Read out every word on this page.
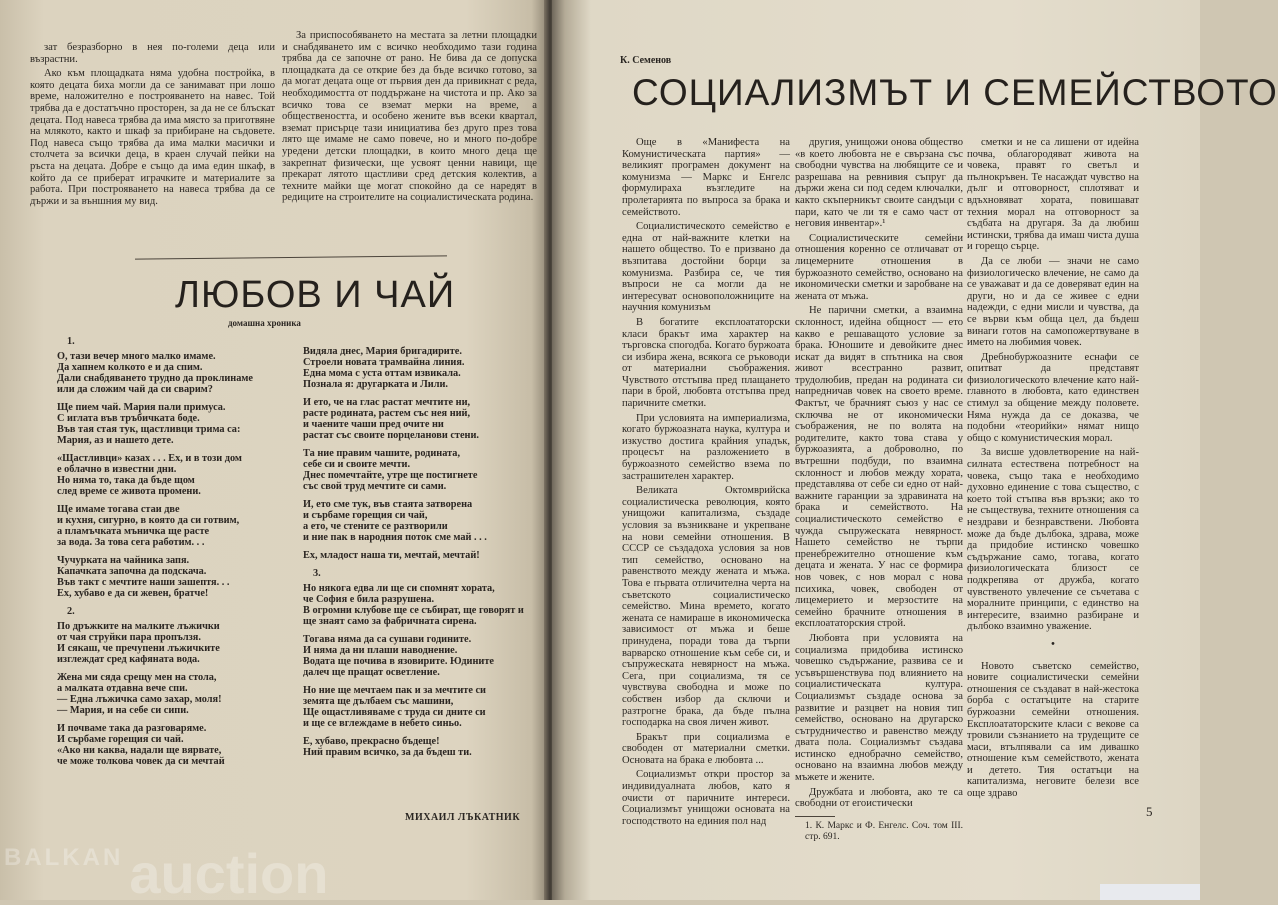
зат безразборно в нея по-големи деца или възрастни.

Ако към площадката няма удобна постройка, в която децата биха могли да се занимават при лошо време, наложително е построяването на навес. Той трябва да е достатъчно просторен, за да не се блъскат децата. Под навеса трябва да има място за приготвяне на млякото, както и шкаф за прибиране на съдовете. Под навеса също трябва да има малки масички и столчета за всички деца, в краен случай пейки на ръста на децата. Добре е също да има един шкаф, в който да се приберат играчките и материалите за работа. При построяването на навеса трябва да се държи и за външния му вид.

За приспособяването на местата за летни площадки и снабдяването им с всичко необходимо тази година трябва да се започне от рано. Не бива да се допуска площадката да се открие без да бъде всичко готово, за да могат децата още от първия ден да привикнат с реда, необходимостта от поддържане на чистота и пр. Ако за всичко това се вземат мерки на време, а обществеността, и особено жените във всеки квартал, вземат присърце тази инициатива без друго през това лято ще имаме не само повече, но и много по-добре уредени детски площадки, в които много деца ще закрепнат физически, ще усвоят ценни навици, ще прекарат лятото щастливи сред детския колектив, а техните майки ще могат спокойно да се наредят в редиците на строителите на социалистическата родина.

ЛЮБОВ И ЧАЙ
домашна хроника
1.
О, тази вечер много малко имаме.
Да хапнем колкото е и да спим.
Дали снабдяването трудно да проклинаме
или да сложим чай да си сварим?
Ще пием чай. Мария пали примуса.
С иглата във тръбичката боде.
Във тая стая тук, щастливци трима са:
Мария, аз и нашето дете.
«Щастливци» казах . . . Ех, и в този дом
е облачно в известни дни.
Но няма то, така да бъде щом
след време се живота промени.
Ще имаме тогава стаи две
и кухня, сигурно, в която да си готвим,
а пламъчката мъничка ще расте
за вода. За това сега работим. . .
Чучурката на чайника запя.
Капачката започна да подскача.
Във такт с мечтите наши зашептя. . .
Ех, хубаво е да си жевен, братче!
2.
По дръжките на малките лъжички
от чая струйки пара пропълзя.
И сякаш, че пречупени лъжичките
изглеждат сред кафяната вода.
Жена ми сяда срещу мен на стола,
а малката отдавна вече спи.
— Една лъжичка само захар, моля!
— Мария, и на себе си сипи.
И почваме така да разговаряме.
И сърбаме горещия си чай.
«Ако ни каква, надали ще вярвате,
че може толкова човек да си мечтай
Видяла днес, Мария бригадирите.
Строели новата трамвайна линия.
Една мома с уста оттам извикала.
Познала я: другарката и Лили.
И ето, че на глас растат мечтите ни,
расте родината, растем със нея ний,
и чаените чаши пред очите ни
растат със своите порцеланови стени.
Та ние правим чашите, родината,
себе си и своите мечти.
Днес помечтайте, утре ще постигнете
със свой труд мечтите си сами.
И, ето сме тук, във стаята затворена
и сърбаме горещия си чай,
а ето, че стените се разтворили
и ние пак в народния поток сме май . . .
Ех, младост наша ти, мечтай, мечтай!
3.
Но някога едва ли ще си спомнят хората,
че София е била разрушена.
В огромни клубове ще се събират, ще говорят и
ще знаят само за фабричната сирена.
Тогава няма да са сушави годините.
И няма да ни плаши наводнение.
Водата ще почива в язовирите. Юдините
далеч ще пращат осветление.
Но ние ще мечтаем пак и за мечтите си
земята ще дълбаем със машини,
Ще ощастливяваме с труда си дните си
и ще се вглеждаме в небето синьо.
Е, хубаво, прекрасно бъдеще!
Ний правим всичко, за да бъдеш ти.
МИХАИЛ ЛЪКАТНИК
BALKAN auction
К. Семенов
СОЦИАЛИЗМЪТ И СЕМЕЙСТВОТО

Още в «Манифеста на Комунистическата партия» — великият програмен документ на комунизма — Маркс и Енгелс формулираха възгледите на пролетарията по въпроса за брака и семейството.

Социалистическото семейство е една от най-важните клетки на нашето общество. То е призвано да възпитава достойни борци за комунизма. Разбира се, че тия въпроси не са могли да не интересуват основоположниците на научния комунизъм

В богатите експлоататорски класи бракът има характер на търговска спогодба. Когато буржоата си избира жена, всякога се ръководи от материални съображения. Чувството отстъпва пред плащането пари в брой, любовта отстъпва пред паричните сметки.

При условията на империализма, когато буржоазната наука, култура и изкуство достига крайния упадък, процесът на разложението в буржоазното семейство взема по застрашителен характер.

Великата Октомврийска социалистическа революция, която унищожи капитализма, създаде условия за възникване и укрепване на нови семейни отношения. В СССР се създадоха условия за нов тип семейство, основано на равенството между жената и мъжа. Това е първата отличителна черта на съветското социалистическо семейство. Мина времето, когато жената се намираше в икономическа зависимост от мъжа и беше принудена, поради това да търпи варварско отношение към себе си, и съпружеската невярност на мъжа. Сега, при социализма, тя се чувствува свободна и може по собствен избор да сключи и разтрогне брака, да бъде пълна господарка на своя личен живот.

Бракът при социализма е свободен от материални сметки. Основата на брака е любовта ...

Социализмът откри простор за индивидуалната любов, като я очисти от паричните интереси. Социализмът унищожи основата на господството на единия пол над

другия, унищожи онова общество «в което любовта не е свързана със свободни чувства на любящите се и разрешава на ревнивия съпруг да държи жена си под седем ключалки, както скъперникът своите сандъци с пари, като че ли тя е само част от неговия инвентар».¹

Социалистическите семейни отношения коренно се отличават от лицемерните отношения в буржоазното семейство, основано на икономически сметки и заробване на жената от мъжа.

Не парични сметки, а взаимна склонност, идейна общност — ето какво е решаващото условие за брака. Юношите и девойките днес искат да видят в спътника на своя живот всестранно развит, трудолюбив, предан на родината си напредничав човек на своето време. Фактът, че брачният съюз у нас се сключва не от икономически съображения, не по волята на родителите, както това става у буржоазията, а доброволно, по вътрешни подбуди, по взаимна склонност и любов между хората, представлява от себе си едно от най-важните гаранции за здравината на брака и семейството. На социалистическото семейство е чужда съпружеската невярност. Нашето семейство не търпи пренебрежително отношение към децата и жената. У нас се формира нов човек, с нов морал с нова психика, човек, свободен от лицемерието и мерзостите на семейно брачните отношения в експлоататорския строй.

Любовта при условията на социализма придобива истинско човешко съдържание, развива се и усъвършенствува под влиянието на социалистическата култура. Социализмът създаде основа за развитие и разцвет на новия тип семейство, основано на другарско сътрудничество и равенство между двата пола. Социализмът създава истинско еднобрачно семейство, основано на взаимна любов между мъжете и жените.

Дружбата и любовта, ако те са свободни от егоистически

1. К. Маркс и Ф. Енгелс. Соч. том III. стр. 691.

сметки и не са лишени от идейна почва, облагородяват живота на човека, правят го светъл и пълнокръвен. Те насаждат чувство на дълг и отговорност, сплотяват и вдъхновяват хората, повишават техния морал на отговорност за съдбата на другаря. За да любиш истински, трябва да имаш чиста душа и горещо сърце.

Да се люби — значи не само физиологическо влечение, не само да се уважават и да се доверяват един на други, но и да се живее с едни надежди, с едни мисли и чувства, да се върви към обща цел, да бъдеш винаги готов на самопожертвуване в името на любимия човек.

Дребнобуржоазните еснафи се опитват да представят физиологическото влечение като най-главното в любовта, като единствен стимул за общение между половете. Няма нужда да се доказва, че подобни «теорийки» нямат нищо общо с комунистическия морал.

За висше удовлетворение на най-силната естествена потребност на човека, също така е необходимо духовно единение с това същество, с което той стъпва във връзки; ако то не съществува, техните отношения са нездрави и безнравствени. Любовта може да бъде дълбока, здрава, може да придобие истинско човешко съдържание само, тогава, когато физиологическата близост се подкрепява от дружба, когато чувственото увлечение се съчетава с моралните принципи, с единство на интересите, взаимно разбиране и дълбоко взаимно уважение.

•

Новото съветско семейство, новите социалистически семейни отношения се създават в най-жестока борба с остатъците на старите буржоазни семейни отношения. Експлоататорските класи с векове са тровили съзнанието на трудещите се маси, втълпявали са им дивашко отношение към семейството, жената и детето. Тия остатъци на капитализма, неговите белези все още здраво

5
